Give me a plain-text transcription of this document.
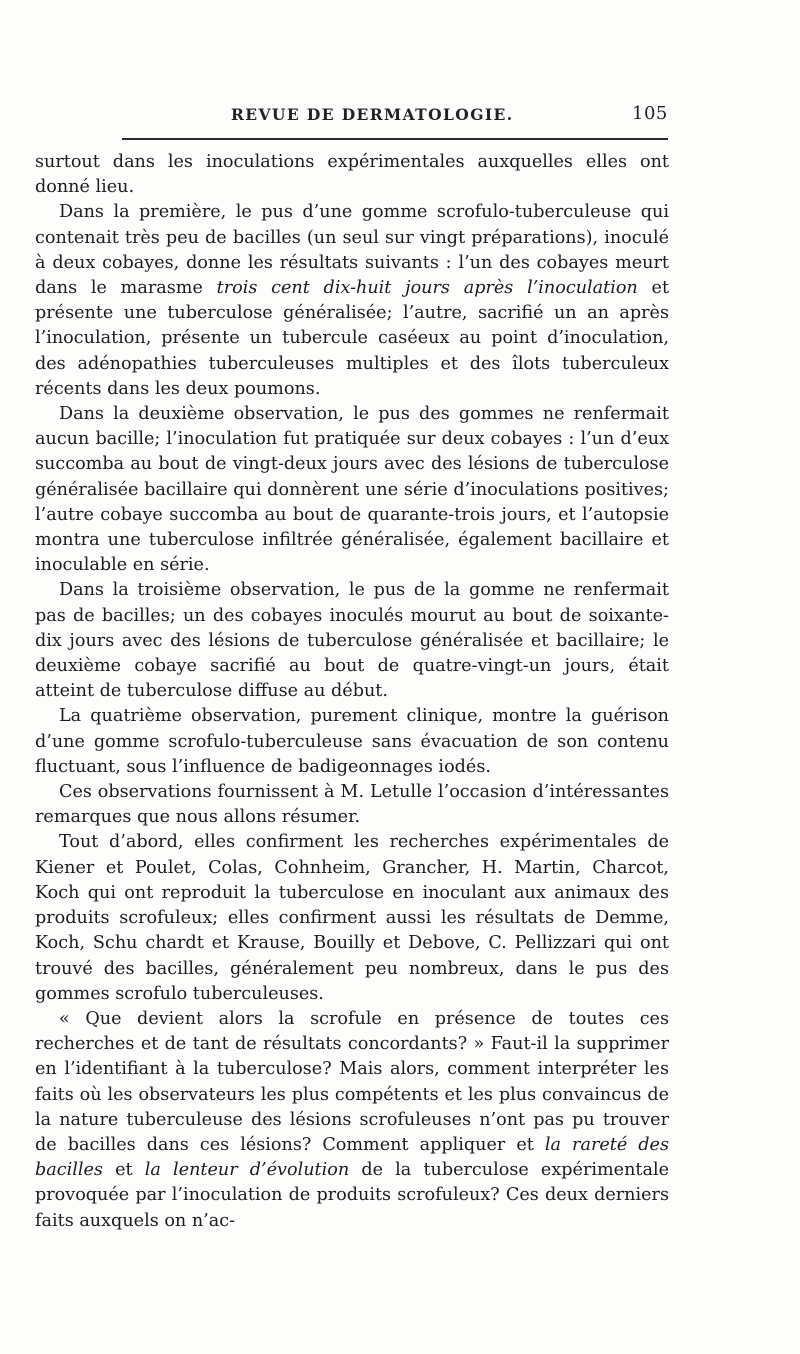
REVUE DE DERMATOLOGIE.	105

surtout dans les inoculations expérimentales auxquelles elles ont donné lieu.

Dans la première, le pus d’une gomme scrofulo-tuberculeuse qui contenait très peu de bacilles (un seul sur vingt préparations), inoculé à deux cobayes, donne les résultats suivants : l’un des cobayes meurt dans le marasme trois cent dix-huit jours après l’inoculation et présente une tuberculose généralisée; l’autre, sacrifié un an après l’inoculation, présente un tubercule caséeux au point d’inoculation, des adénopathies tuberculeuses multiples et des îlots tuberculeux récents dans les deux poumons.

Dans la deuxième observation, le pus des gommes ne renfermait aucun bacille; l’inoculation fut pratiquée sur deux cobayes : l’un d’eux succomba au bout de vingt-deux jours avec des lésions de tuberculose généralisée bacillaire qui donnèrent une série d’inoculations positives; l’autre cobaye succomba au bout de quarante-trois jours, et l’autopsie montra une tuberculose infiltrée généralisée, également bacillaire et inoculable en série.

Dans la troisième observation, le pus de la gomme ne renfermait pas de bacilles; un des cobayes inoculés mourut au bout de soixante-dix jours avec des lésions de tuberculose généralisée et bacillaire; le deuxième cobaye sacrifié au bout de quatre-vingt-un jours, était atteint de tuberculose diffuse au début.

La quatrième observation, purement clinique, montre la guérison d’une gomme scrofulo-tuberculeuse sans évacuation de son contenu fluctuant, sous l’influence de badigeonnages iodés.

Ces observations fournissent à M. Letulle l’occasion d’intéressantes remarques que nous allons résumer.

Tout d’abord, elles confirment les recherches expérimentales de Kiener et Poulet, Colas, Cohnheim, Grancher, H. Martin, Charcot, Koch qui ont reproduit la tuberculose en inoculant aux animaux des produits scrofuleux; elles confirment aussi les résultats de Demme, Koch, Schu chardt et Krause, Bouilly et Debove, C. Pellizzari qui ont trouvé des bacilles, généralement peu nombreux, dans le pus des gommes scrofulo tuberculeuses.

« Que devient alors la scrofule en présence de toutes ces recherches et de tant de résultats concordants? » Faut-il la supprimer en l’identifiant à la tuberculose? Mais alors, comment interpréter les faits où les observateurs les plus compétents et les plus convaincus de la nature tuberculeuse des lésions scrofuleuses n’ont pas pu trouver de bacilles dans ces lésions? Comment appliquer et la rareté des bacilles et la lenteur d’évolution de la tuberculose expérimentale provoquée par l’inoculation de produits scrofuleux? Ces deux derniers faits auxquels on n’ac-
